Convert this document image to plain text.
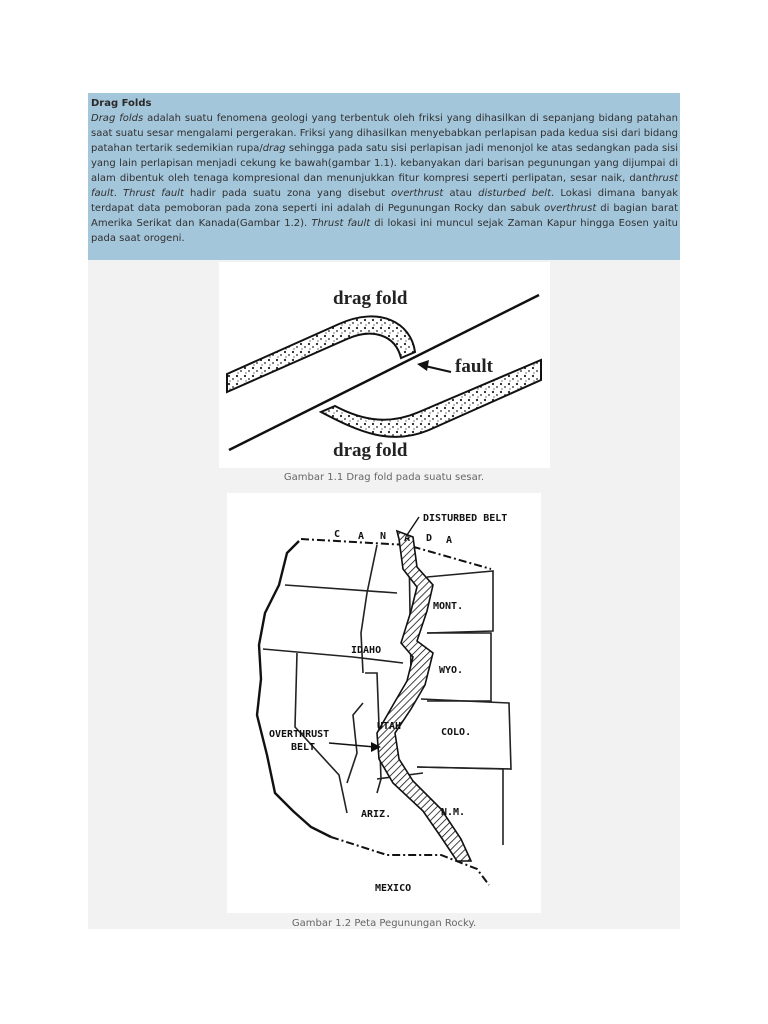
Drag Folds
Drag folds adalah suatu fenomena geologi yang terbentuk oleh friksi yang dihasilkan di sepanjang bidang patahan saat suatu sesar mengalami pergerakan. Friksi yang dihasilkan menyebabkan perlapisan pada kedua sisi dari bidang patahan tertarik sedemikian rupa/drag sehingga pada satu sisi perlapisan jadi menonjol ke atas sedangkan pada sisi yang lain perlapisan menjadi cekung ke bawah(gambar 1.1). kebanyakan dari barisan pegunungan yang dijumpai di alam dibentuk oleh tenaga kompresional dan menunjukkan fitur kompresi seperti perlipatan, sesar naik, danthrust fault. Thrust fault hadir pada suatu zona yang disebut overthrust atau disturbed belt. Lokasi dimana banyak terdapat data pemoboran pada zona seperti ini adalah di Pegunungan Rocky dan sabuk overthrust di bagian barat Amerika Serikat dan Kanada(Gambar 1.2). Thrust fault di lokasi ini muncul sejak Zaman Kapur hingga Eosen yaitu pada saat orogeni.
drag fold
fault
drag fold
Gambar 1.1 Drag fold pada suatu sesar.
C A N A D A
DISTURBED BELT
MONT.
IDAHO
WYO.
UTAH
COLO.
OVERTHRUST
BELT
ARIZ.	N.M.
MEXICO
Gambar 1.2 Peta Pegunungan Rocky.
